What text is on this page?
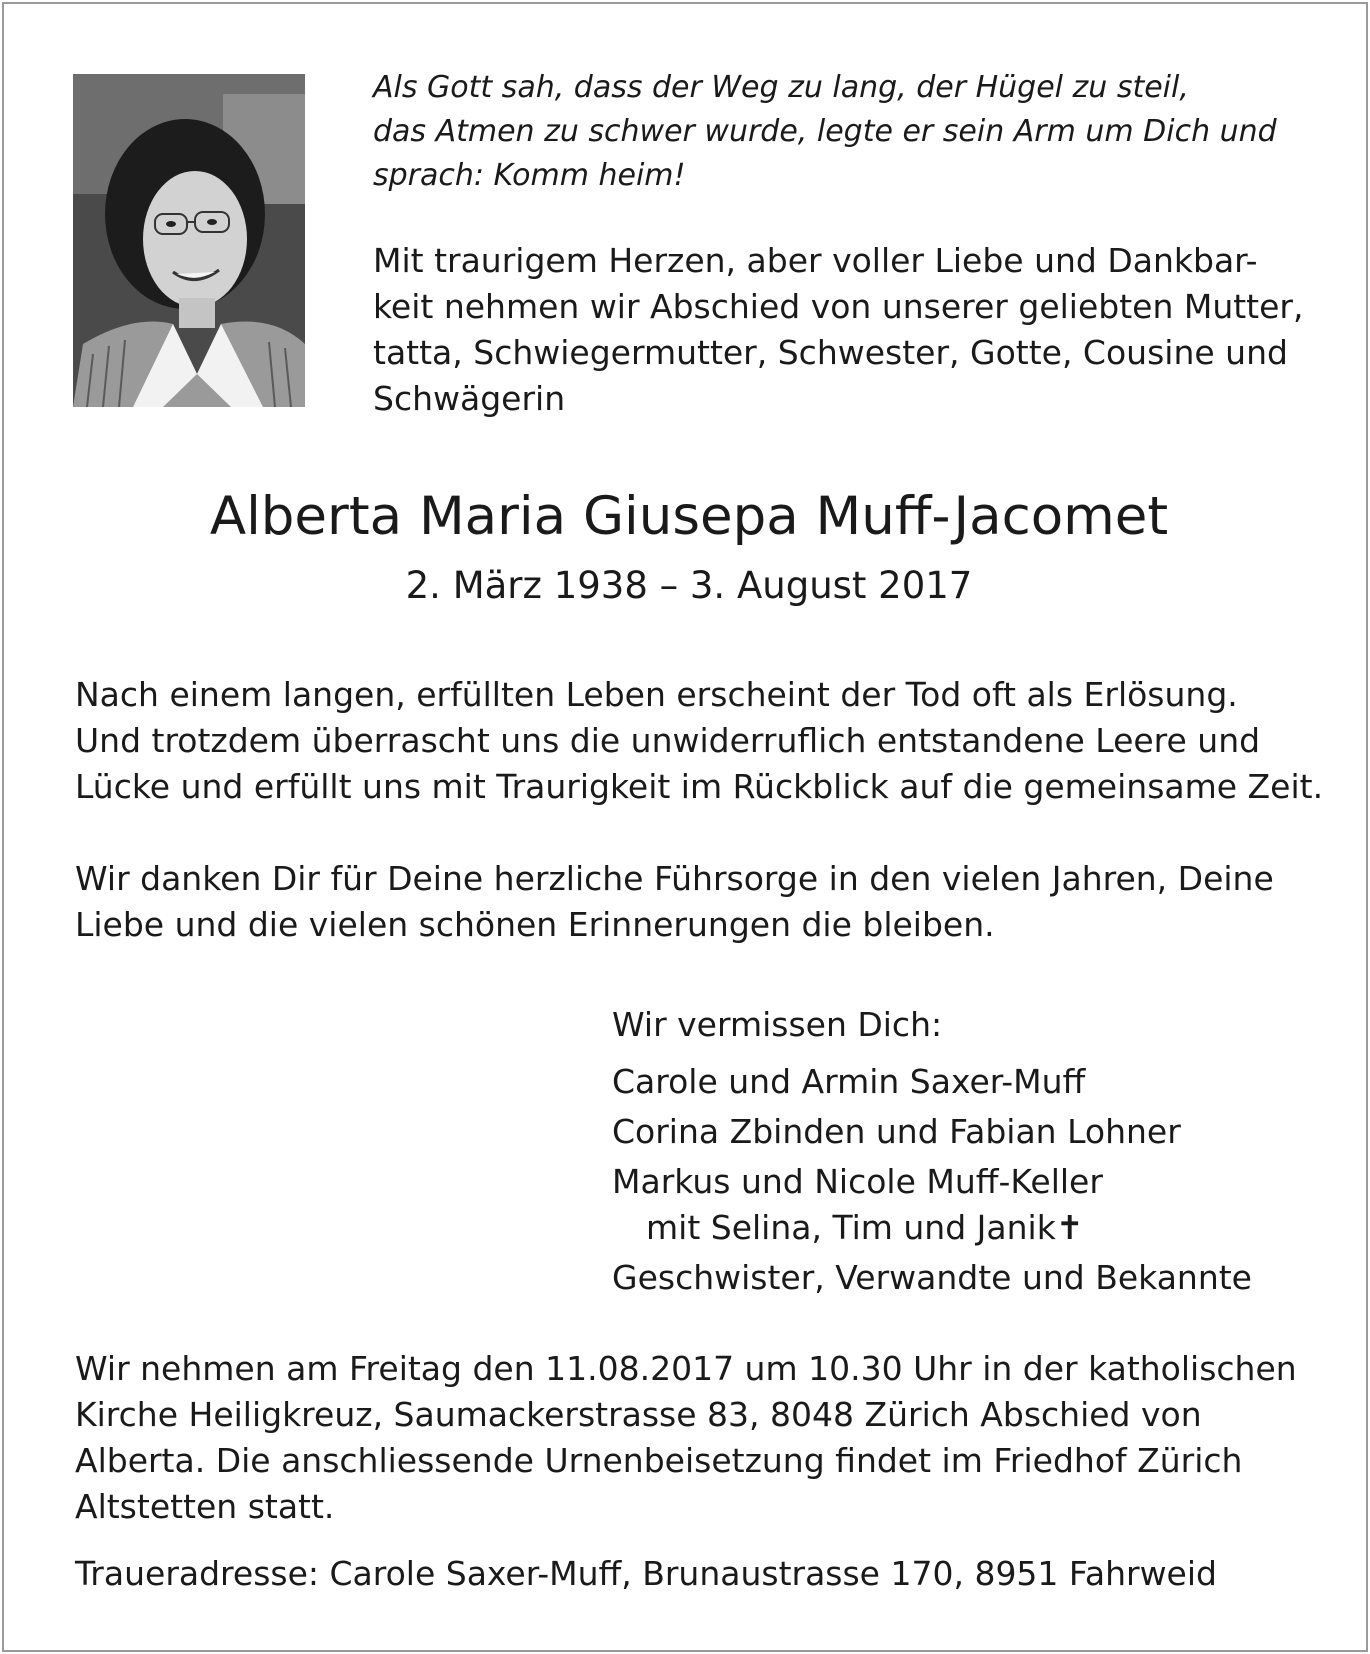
Als Gott sah, dass der Weg zu lang, der Hügel zu steil,
das Atmen zu schwer wurde, legte er sein Arm um Dich und
sprach: Komm heim!
Mit traurigem Herzen, aber voller Liebe und Dankbar-
keit nehmen wir Abschied von unserer geliebten Mutter,
tatta, Schwiegermutter, Schwester, Gotte, Cousine und
Schwägerin
Alberta Maria Giusepa Muff-Jacomet
2. März 1938 – 3. August 2017
Nach einem langen, erfüllten Leben erscheint der Tod oft als Erlösung.
Und trotzdem überrascht uns die unwiderruflich entstandene Leere und
Lücke und erfüllt uns mit Traurigkeit im Rückblick auf die gemeinsame Zeit.
Wir danken Dir für Deine herzliche Führsorge in den vielen Jahren, Deine
Liebe und die vielen schönen Erinnerungen die bleiben.
Wir vermissen Dich:
Carole und Armin Saxer-Muff
Corina Zbinden und Fabian Lohner
Markus und Nicole Muff-Keller
mit Selina, Tim und Janik✝
Geschwister, Verwandte und Bekannte
Wir nehmen am Freitag den 11.08.2017 um 10.30 Uhr in der katholischen
Kirche Heiligkreuz, Saumackerstrasse 83, 8048 Zürich Abschied von
Alberta. Die anschliessende Urnenbeisetzung findet im Friedhof Zürich
Altstetten statt.
Traueradresse: Carole Saxer-Muff, Brunaustrasse 170, 8951 Fahrweid
